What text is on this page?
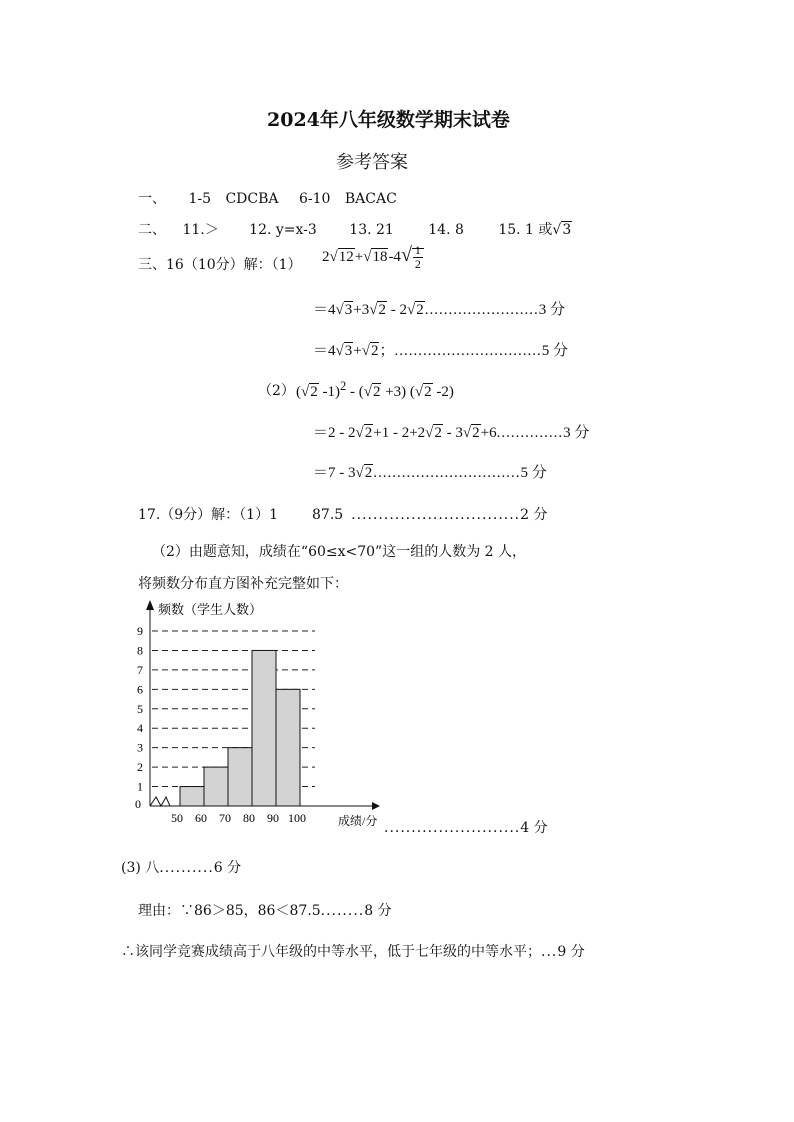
2024年八年级数学期末试卷
参考答案
一、 1-5 CDCBA 6-10 BACAC
二、 11.＞ 12. y=x-3 13. 21 14. 8 15. 1 或√3
三、16（10分）解：（1） $2√12+√18-4√ \frac{1}{2}$
＝4√3+3√2 - 2√2........................3 分
＝4√3+√2；...............................5 分
（2） (√2 -1)$^2$ - (√2 +3) (√2 -2)
＝2 - 2√2+1 - 2+2√2 - 3√2+6..............3 分
＝7 - 3√2...............................5 分
17.（9分）解：（1）1 87.5 ...............................2 分
（2）由题意知，成绩在“60≤x<70”这一组的人数为 2 人，
将频数分布直方图补充完整如下：
0
1
2
3
4
5
6
7
8
9
50 60 70 80 90 100
频数（学生人数）
成绩/分 .........................4 分
(3) 八..........6 分
理由：∵86＞85，86＜87.5........8 分
∴该同学竞赛成绩高于八年级的中等水平，低于七年级的中等水平；...9 分
